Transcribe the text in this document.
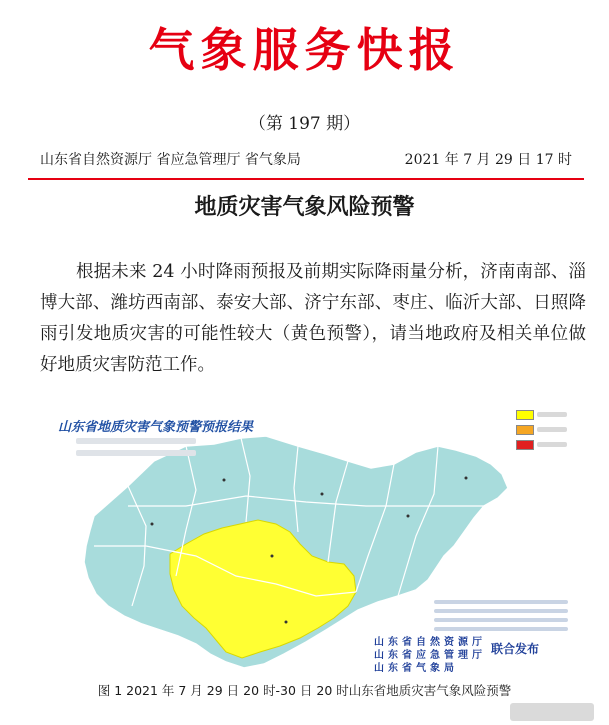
气象服务快报
（第 197 期）
山东省自然资源厅 省应急管理厅 省气象局	2021 年 7 月 29 日 17 时
地质灾害气象风险预警
根据未来 24 小时降雨预报及前期实际降雨量分析，济南南部、淄博大部、潍坊西南部、泰安大部、济宁东部、枣庄、临沂大部、日照降雨引发地质灾害的可能性较大（黄色预警），请当地政府及相关单位做好地质灾害防范工作。
山东省地质灾害气象预警预报结果
山东省自然资源厅
山东省应急管理厅
山东省气象局
联合发布
图 1 2021 年 7 月 29 日 20 时-30 日 20 时山东省地质灾害气象风险预警
